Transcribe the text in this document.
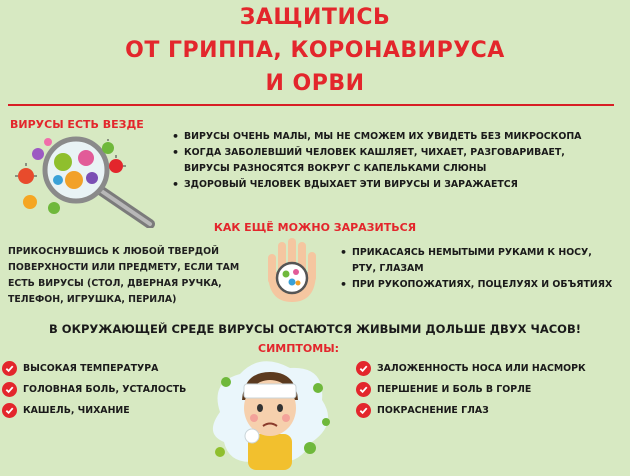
ЗАЩИТИСЬ
ОТ ГРИППА, КОРОНАВИРУСА
И ОРВИ
ВИРУСЫ ЕСТЬ ВЕЗДЕ
• ВИРУСЫ ОЧЕНЬ МАЛЫ, МЫ НЕ СМОЖЕМ ИХ УВИДЕТЬ БЕЗ МИКРОСКОПА
• КОГДА ЗАБОЛЕВШИЙ ЧЕЛОВЕК КАШЛЯЕТ, ЧИХАЕТ, РАЗГОВАРИВАЕТ, ВИРУСЫ РАЗНОСЯТСЯ ВОКРУГ С КАПЕЛЬКАМИ СЛЮНЫ
• ЗДОРОВЫЙ ЧЕЛОВЕК ВДЫХАЕТ ЭТИ ВИРУСЫ И ЗАРАЖАЕТСЯ
КАК ЕЩЁ МОЖНО ЗАРАЗИТЬСЯ
ПРИКОСНУВШИСЬ К ЛЮБОЙ ТВЕРДОЙ ПОВЕРХНОСТИ ИЛИ ПРЕДМЕТУ, ЕСЛИ ТАМ ЕСТЬ ВИРУСЫ (СТОЛ, ДВЕРНАЯ РУЧКА, ТЕЛЕФОН, ИГРУШКА, ПЕРИЛА)
• ПРИКАСАЯСЬ НЕМЫТЫМИ РУКАМИ К НОСУ, РТУ, ГЛАЗАМ
• ПРИ РУКОПОЖАТИЯХ, ПОЦЕЛУЯХ И ОБЪЯТИЯХ
В ОКРУЖАЮЩЕЙ СРЕДЕ ВИРУСЫ ОСТАЮТСЯ ЖИВЫМИ ДОЛЬШЕ ДВУХ ЧАСОВ!
СИМПТОМЫ:
ВЫСОКАЯ ТЕМПЕРАТУРА
ГОЛОВНАЯ БОЛЬ, УСТАЛОСТЬ
КАШЕЛЬ, ЧИХАНИЕ
ЗАЛОЖЕННОСТЬ НОСА ИЛИ НАСМОРК
ПЕРШЕНИЕ И БОЛЬ В ГОРЛЕ
ПОКРАСНЕНИЕ ГЛАЗ
